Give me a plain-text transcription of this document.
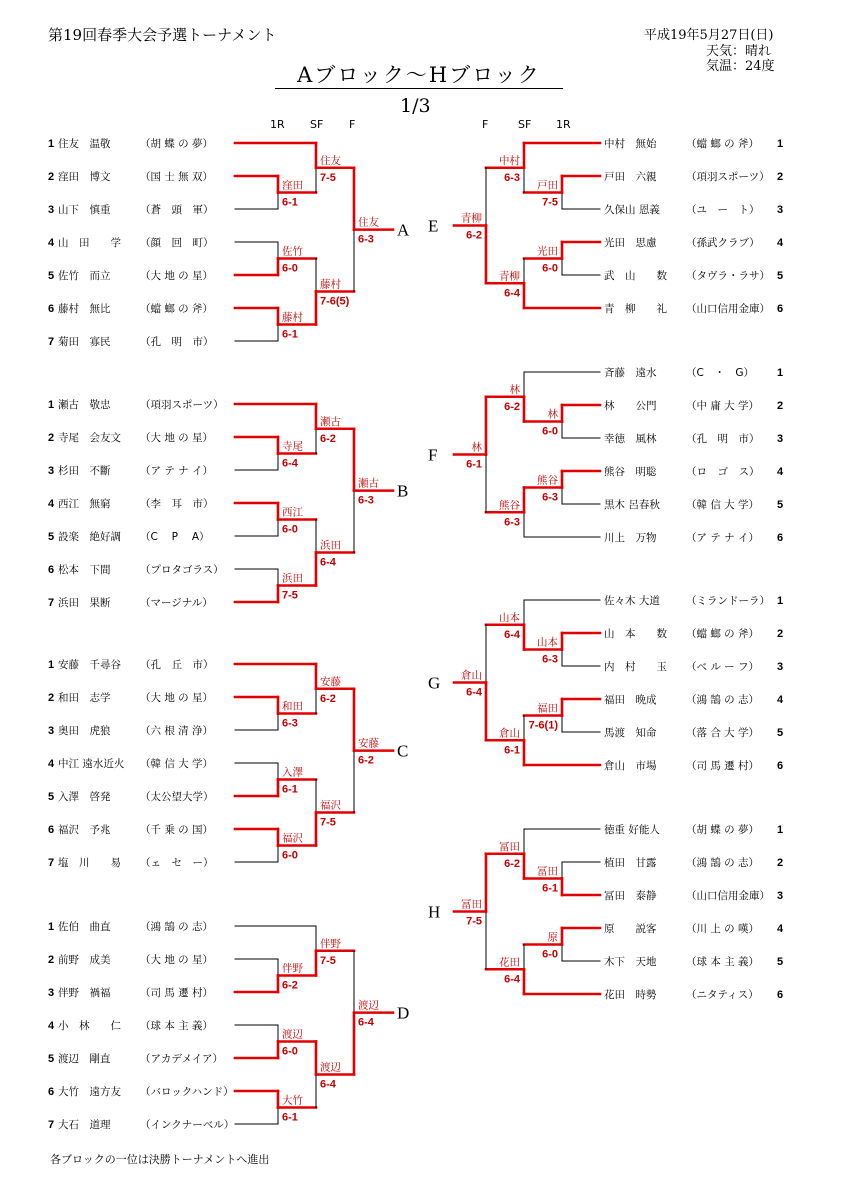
第19回春季大会予選トーナメント	平成19年5月27日(日)
天気：晴れ
気温：24度
Aブロック～Hブロック
1/3
1R SF F	F	SF 1R
各ブロックの一位は決勝トーナメントへ進出
1 住友　温敬	（胡 蝶 の 夢）
2 窪田　博文	（国 士 無 双）
3 山下　慎重	（蒼　頭　軍）
4 山　田　　学 （顔　回　町）
5 佐竹　而立	（大 地 の 星）
6 藤村　無比	（蟷 螂 の 斧）
7 菊田　寡民	（孔　明　市）
窪田
6-1
佐竹
6-0
藤村
6-1
住友
7-5
藤村
7-6(5)
住友
6-3 A
1 瀬古　敬忠	（項羽スポーツ）
2 寺尾　会友文 （大 地 の 星）
3 杉田　不斷	（ア テ ナ イ）
4 西江　無窮	（李　耳　市）
5 設楽　絶好調 （C　 P　 A）
6 松本　下間	（プロタゴラス）
7 浜田　果断	（マージナル）
寺尾
6-4
西江
6-0
浜田
7-5
瀬古
6-2
浜田
6-4
瀬古
6-3 B
1 安藤　千尋谷 （孔　丘　市）
2 和田　志学	（大 地 の 星）
3 奥田　虎狼	（六 根 清 浄）
4 中江 遠水近火 （韓 信 大 学）
5 入澤　啓発	（太公望大学）
6 福沢　予兆	（千 乗 の 国）
7 塩　川　　易 （ェ　セ　ー）
和田
6-3
入澤
6-1
福沢
6-0
安藤
6-2
福沢
7-5
安藤
6-2 C
1 佐伯　曲直	（鴻 鵠 の 志）
2 前野　成美	（大 地 の 星）
3 伴野　禍福	（司 馬 遷 村）
4 小　林　　仁 （球 本 主 義）
5 渡辺　剛直	（アカデメイア）
6 大竹　遠方友 （バロックハンド）
7 大石　道理	（インクナーベル）
伴野
6-2
渡辺
6-0
大竹
6-1
伴野
7-5
渡辺
6-4
渡辺
6-4 D
中村　無始	（蟷 螂 の 斧） 1
戸田　六親	（項羽スポーツ） 2
久保山 恩義 （ユ　ー　ト） 3
光田　思慮	（孫武クラブ） 4
武　山　　数 （タヴラ・ラサ） 5
青　柳　　礼 （山口信用金庫） 6
戸田
7-5
光田
6-0
中村
6-3
青柳
6-4
青柳
6-2
E
斉藤　遠水	（C　・　G） 1
林　　公門	（中 庸 大 学） 2
幸徳　風林	（孔　明　市） 3
熊谷　明聡	（ロ　ゴ　ス） 4
黒木 呂春秋 （韓 信 大 学） 5
川上　万物	（ア テ ナ イ） 6
林
6-0
熊谷
6-3
林
6-2
熊谷
6-3
林
6-1
F
佐々木 大道 （ミランドーラ） 1
山　本　　数 （蟷 螂 の 斧） 2
内　村　　玉 （ベ ル ー フ） 3
福田　晩成	（鴻 鵠 の 志） 4
馬渡　知命	（落 合 大 学） 5
倉山　市場	（司 馬 遷 村） 6
山本
6-3
福田
7-6(1)
山本
6-4
倉山
6-1
倉山
6-4
G
徳重 好能人 （胡 蝶 の 夢） 1
植田　甘露	（鴻 鵠 の 志） 2
冨田　泰静	（山口信用金庫） 3
原　　説客	（川 上 の 嘆） 4
木下　天地	（球 本 主 義） 5
花田　時勢	（ニタティス） 6
冨田
6-1
原
6-0
冨田
6-2
花田
6-4
冨田
7-5
H
